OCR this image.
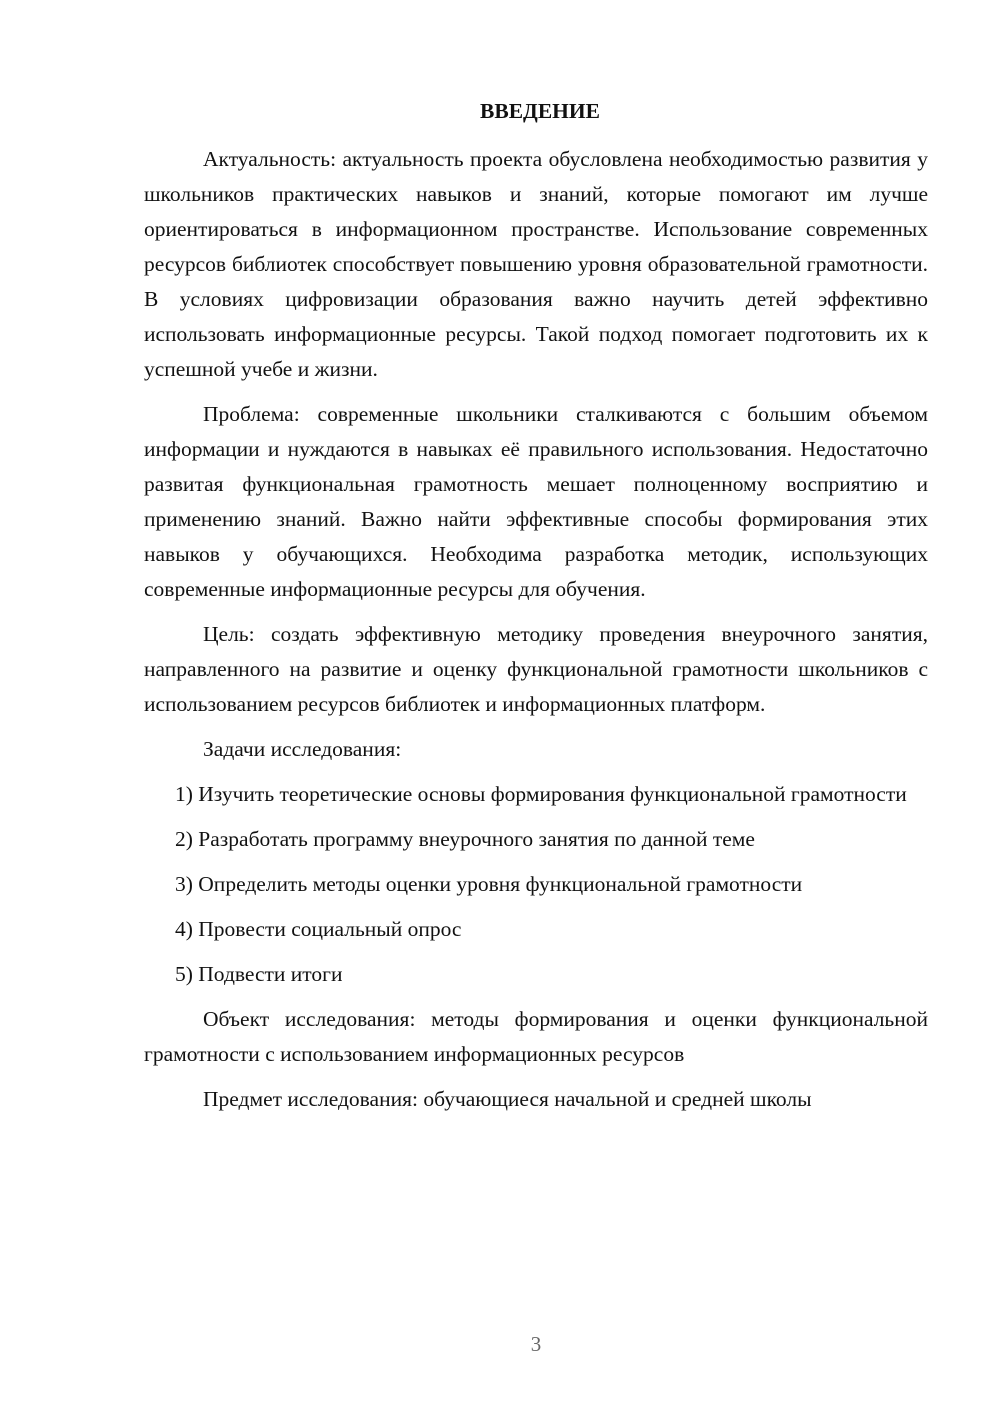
ВВЕДЕНИЕ

Актуальность: актуальность проекта обусловлена необходимостью развития у школьников практических навыков и знаний, которые помогают им лучше ориентироваться в информационном пространстве. Использование современных ресурсов библиотек способствует повышению уровня образовательной грамотности. В условиях цифровизации образования важно научить детей эффективно использовать информационные ресурсы. Такой подход помогает подготовить их к успешной учебе и жизни.

Проблема: современные школьники сталкиваются с большим объемом информации и нуждаются в навыках её правильного использования. Недостаточно развитая функциональная грамотность мешает полноценному восприятию и применению знаний. Важно найти эффективные способы формирования этих навыков у обучающихся. Необходима разработка методик, использующих современные информационные ресурсы для обучения.

Цель: создать эффективную методику проведения внеурочного занятия, направленного на развитие и оценку функциональной грамотности школьников с использованием ресурсов библиотек и информационных платформ.

Задачи исследования:

1) Изучить теоретические основы формирования функциональной грамотности

2) Разработать программу внеурочного занятия по данной теме

3) Определить методы оценки уровня функциональной грамотности

4) Провести социальный опрос

5) Подвести итоги

Объект исследования: методы формирования и оценки функциональной грамотности с использованием информационных ресурсов

Предмет исследования: обучающиеся начальной и средней школы

3
